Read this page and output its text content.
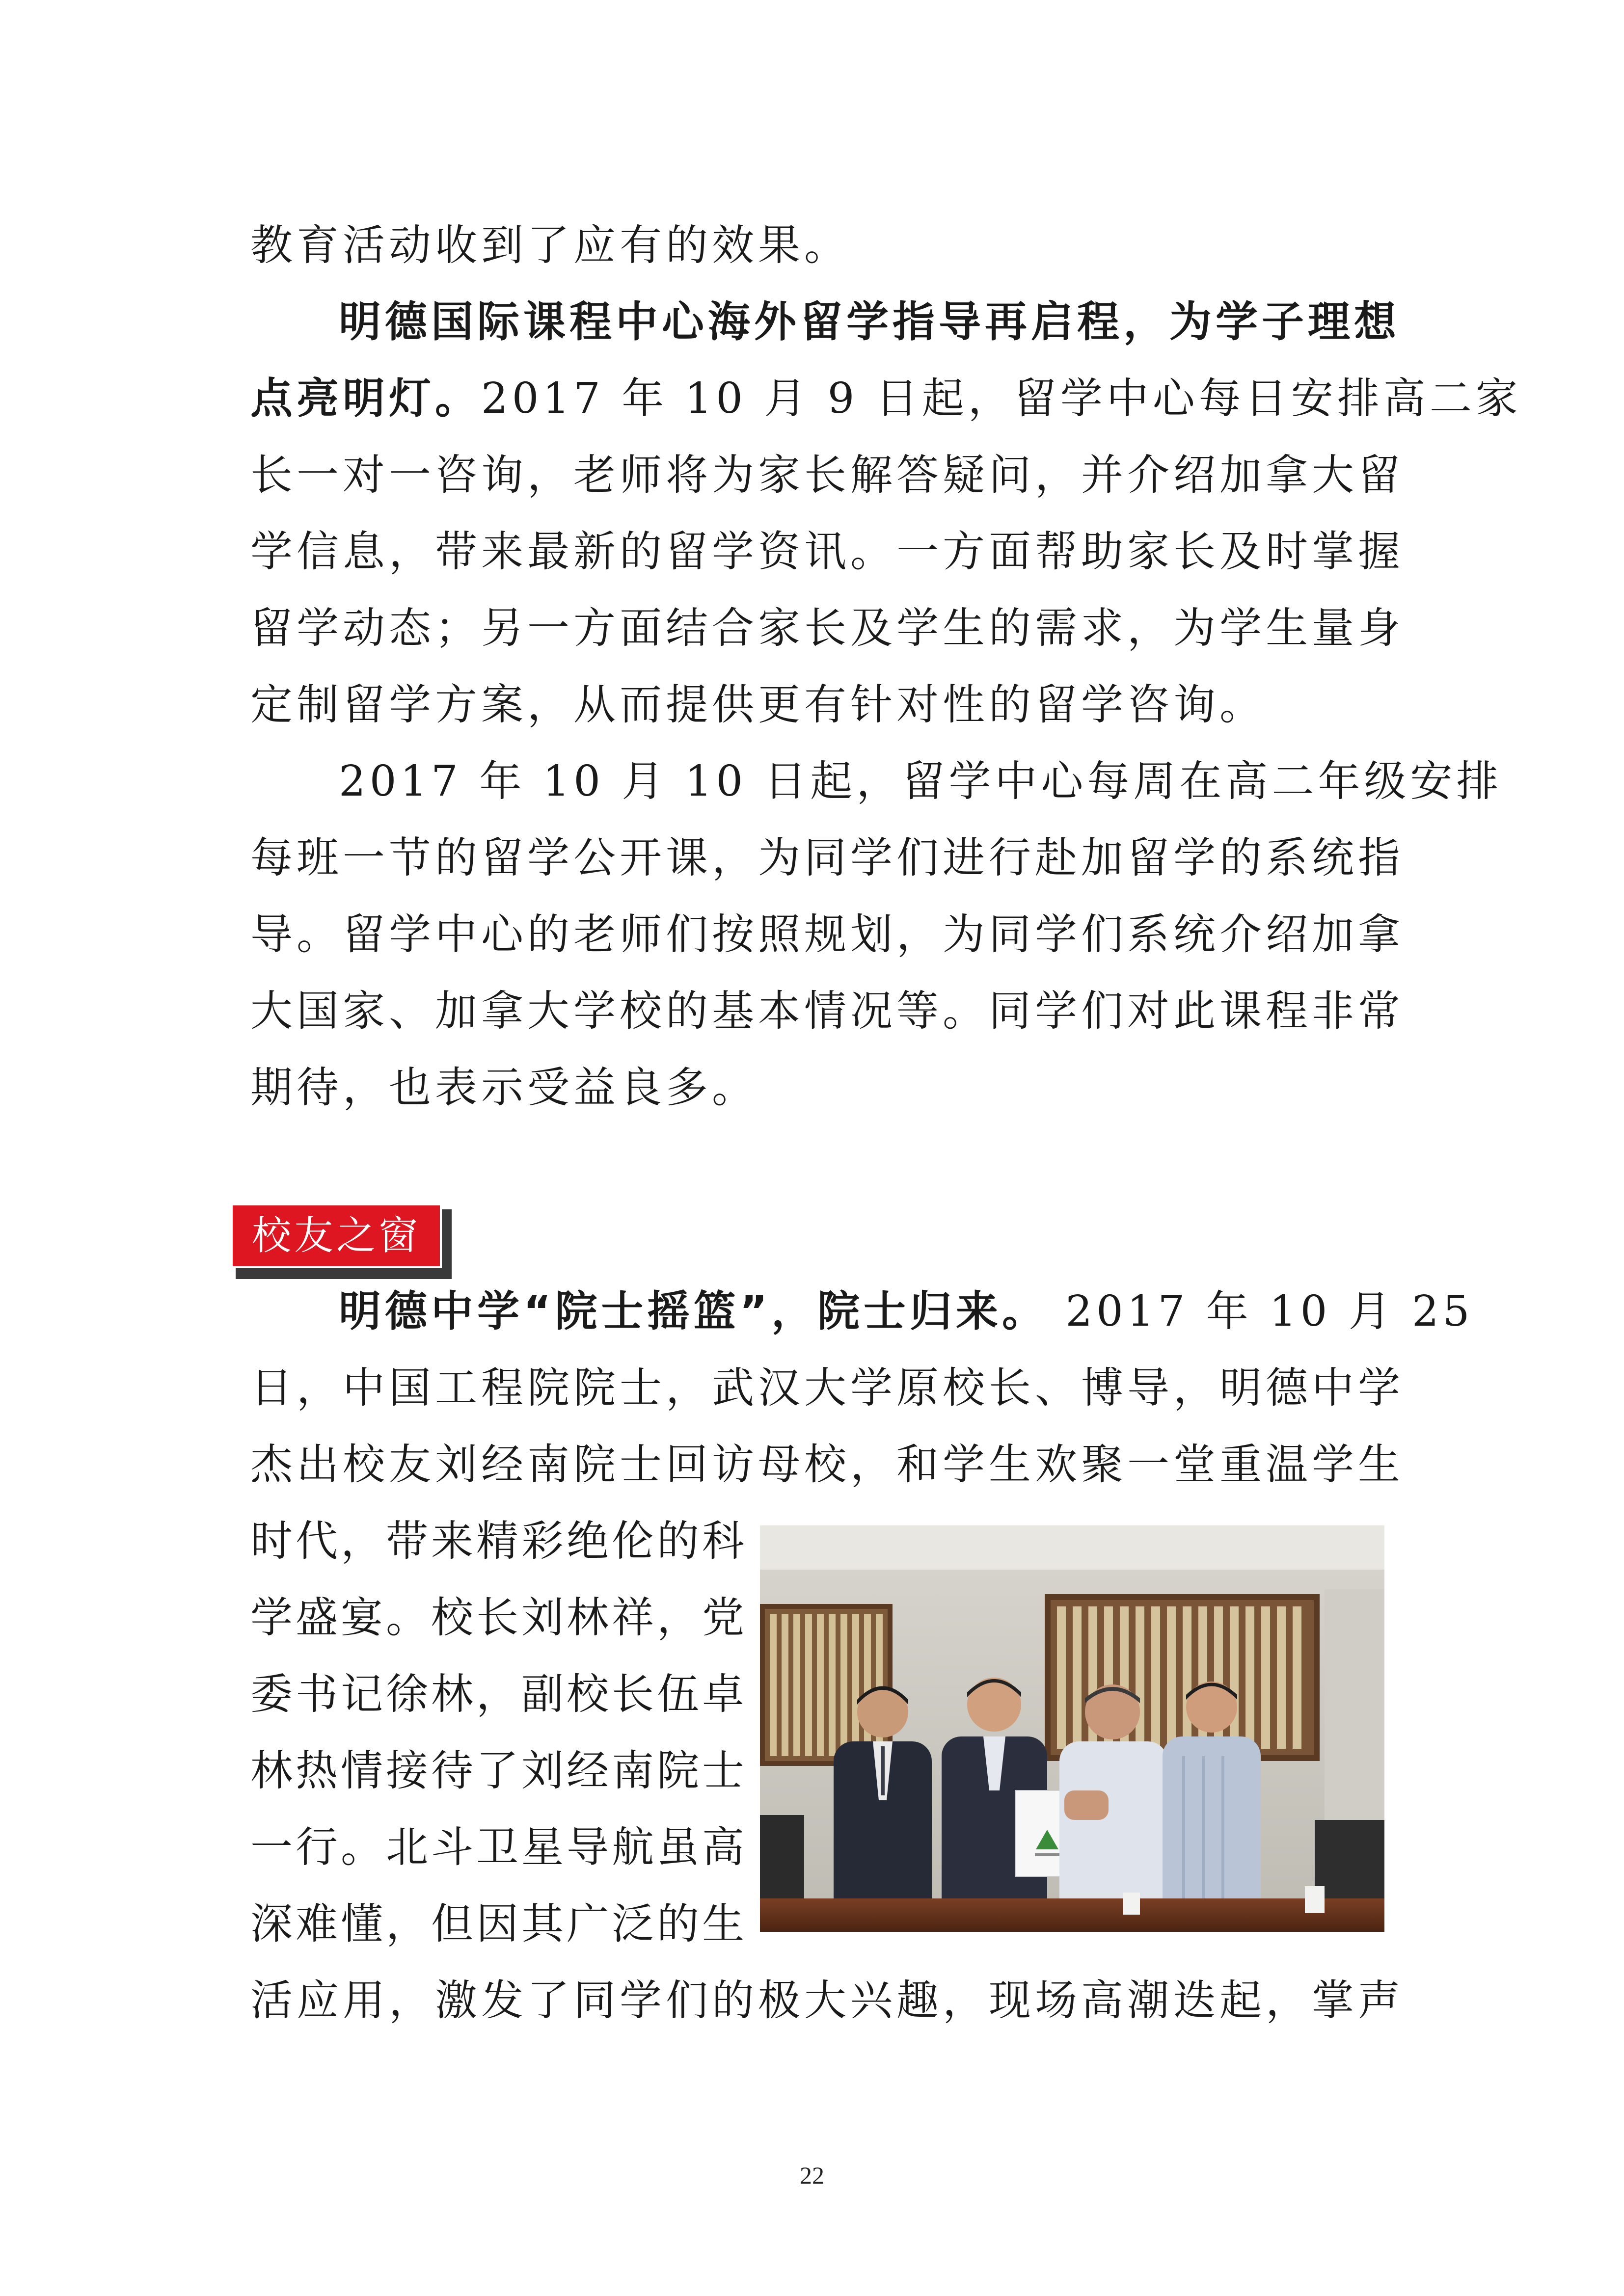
教育活动收到了应有的效果。

明德国际课程中心海外留学指导再启程，为学子理想

点亮明灯。2017 年 10 月 9 日起，留学中心每日安排高二家

长一对一咨询，老师将为家长解答疑问，并介绍加拿大留

学信息，带来最新的留学资讯。一方面帮助家长及时掌握

留学动态；另一方面结合家长及学生的需求，为学生量身

定制留学方案，从而提供更有针对性的留学咨询。

2017 年 10 月 10 日起，留学中心每周在高二年级安排

每班一节的留学公开课，为同学们进行赴加留学的系统指

导。留学中心的老师们按照规划，为同学们系统介绍加拿

大国家、加拿大学校的基本情况等。同学们对此课程非常

期待，也表示受益良多。

校友之窗

明德中学“院士摇篮”，院士归来。 2017 年 10 月 25

日，中国工程院院士，武汉大学原校长、博导，明德中学

杰出校友刘经南院士回访母校，和学生欢聚一堂重温学生

时代，带来精彩绝伦的科

学盛宴。校长刘林祥，党

委书记徐林，副校长伍卓

林热情接待了刘经南院士

一行。北斗卫星导航虽高

深难懂，但因其广泛的生

活应用，激发了同学们的极大兴趣，现场高潮迭起，掌声

22
